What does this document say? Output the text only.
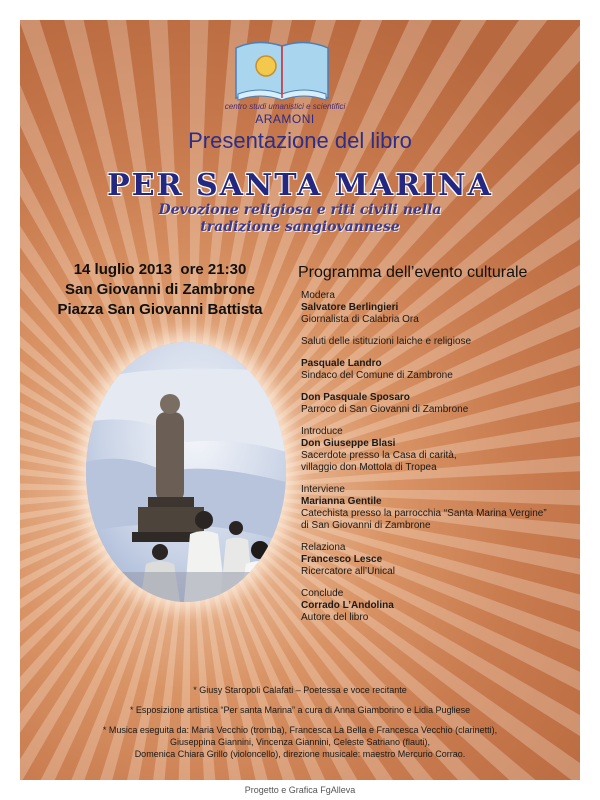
centro studi umanistici e scientifici
ARAMONI
Presentazione del libro
PER SANTA MARINA
Devozione religiosa e riti civili nella
tradizione sangiovannese
14 luglio 2013  ore 21:30
San Giovanni di Zambrone
Piazza San Giovanni Battista
Programma dell’evento culturale
Modera
Salvatore Berlingieri
Giornalista di Calabria Ora
Saluti delle istituzioni laiche e religiose
Pasquale Landro
Sindaco del Comune di Zambrone
Don Pasquale Sposaro
Parroco di San Giovanni di Zambrone
Introduce
Don Giuseppe Blasi
Sacerdote presso la Casa di carità,
villaggio don Mottola di Tropea
Interviene
Marianna Gentile
Catechista presso la parrocchia “Santa Marina Vergine”
di San Giovanni di Zambrone
Relaziona
Francesco Lesce
Ricercatore all’Unical
Conclude
Corrado L’Andolina
Autore del libro

* Giusy Staropoli Calafati – Poetessa e voce recitante

* Esposizione artistica “Per santa Marina” a cura di Anna Giamborino e Lidia Pugliese

* Musica eseguita da: Maria Vecchio (tromba), Francesca La Bella e Francesca Vecchio (clarinetti),
Giuseppina Giannini, Vincenza Giannini, Celeste Satriano (flauti),
Domenica Chiara Grillo (violoncello), direzione musicale: maestro Mercurio Corrao.
Progetto e Grafica FgAlleva
